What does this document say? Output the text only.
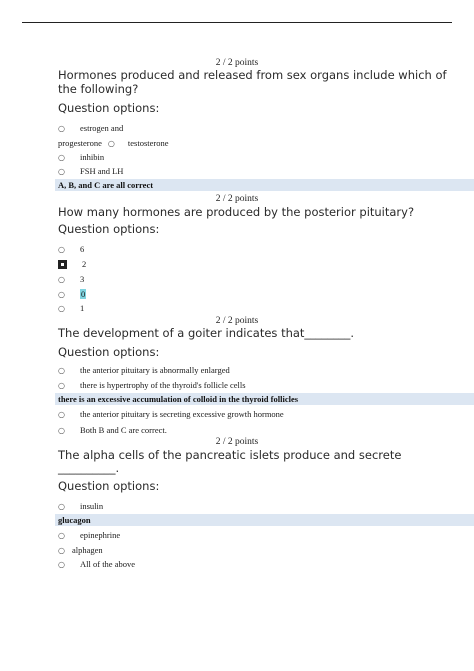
2 / 2 points
Hormones produced and released from sex organs include which of the following?
Question options:
○	estrogen and
progesterone ○	testosterone
○	inhibin
○	FSH and LH
A, B, and C are all correct
2 / 2 points
How many hormones are produced by the posterior pituitary?
Question options:
○	6
2
○	3
○	0
○	1
2 / 2 points
The development of a goiter indicates that________.
Question options:
○	the anterior pituitary is abnormally enlarged
○	there is hypertrophy of the thyroid's follicle cells
there is an excessive accumulation of colloid in the thyroid follicles
○	the anterior pituitary is secreting excessive growth hormone
○	Both B and C are correct.
2 / 2 points
The alpha cells of the pancreatic islets produce and secrete
__________.
Question options:
○	insulin
glucagon
○	epinephrine
○ alphagen
○	All of the above
